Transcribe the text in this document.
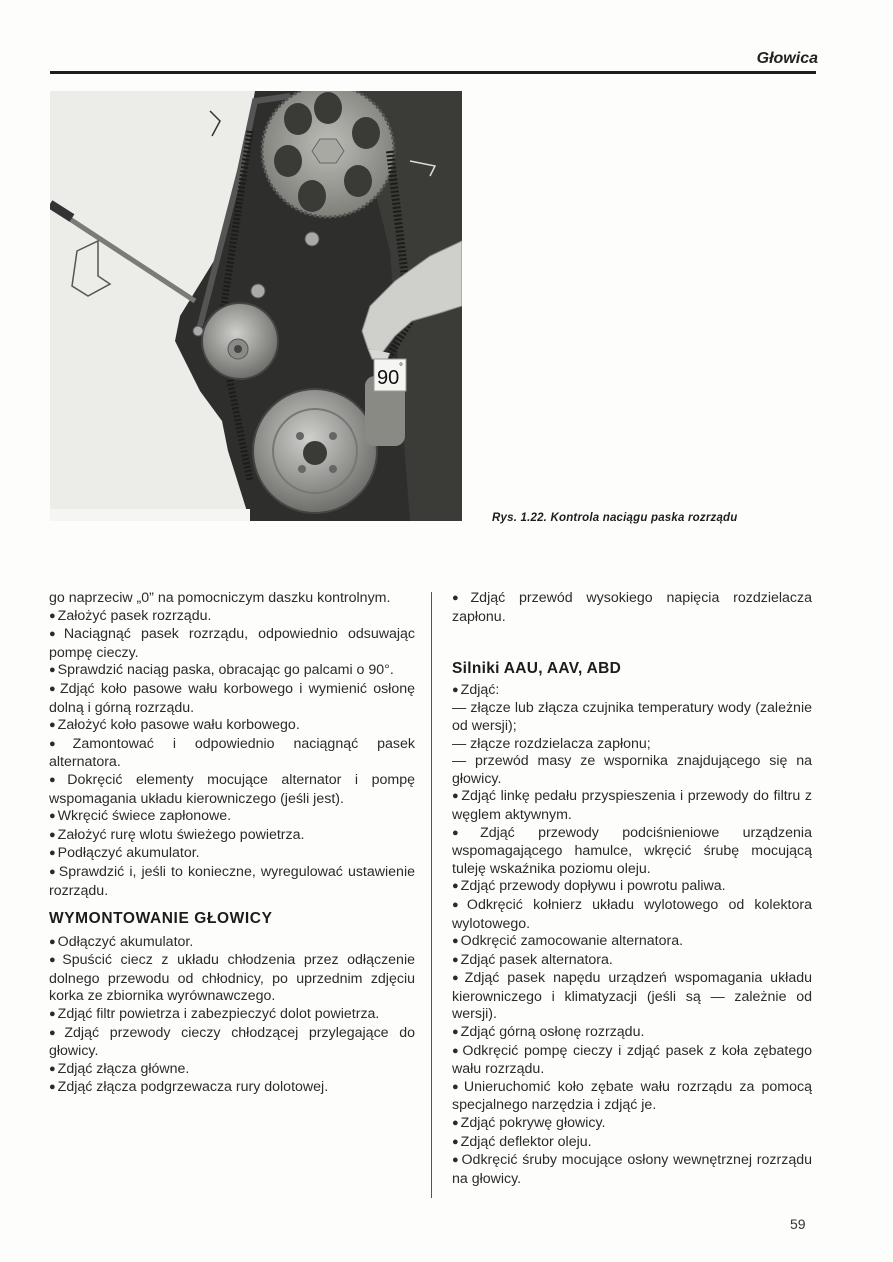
Głowica
90 °
Rys. 1.22. Kontrola naciągu paska rozrządu

go naprzeciw „0” na pomocniczym daszku kontrolnym.

● Założyć pasek rozrządu.

● Naciągnąć pasek rozrządu, odpowiednio odsuwając pompę cieczy.

● Sprawdzić naciąg paska, obracając go palcami o 90°.

● Zdjąć koło pasowe wału korbowego i wymienić osłonę dolną i górną rozrządu.

● Założyć koło pasowe wału korbowego.

● Zamontować i odpowiednio naciągnąć pasek alternatora.

● Dokręcić elementy mocujące alternator i pompę wspomagania układu kierowniczego (jeśli jest).

● Wkręcić świece zapłonowe.

● Założyć rurę wlotu świeżego powietrza.

● Podłączyć akumulator.

● Sprawdzić i, jeśli to konieczne, wyregulować ustawienie rozrządu.

WYMONTOWANIE GŁOWICY

● Odłączyć akumulator.

● Spuścić ciecz z układu chłodzenia przez odłączenie dolnego przewodu od chłodnicy, po uprzednim zdjęciu korka ze zbiornika wyrównawczego.

● Zdjąć filtr powietrza i zabezpieczyć dolot powietrza.

● Zdjąć przewody cieczy chłodzącej przylegające do głowicy.

● Zdjąć złącza główne.

● Zdjąć złącza podgrzewacza rury dolotowej.

● Zdjąć przewód wysokiego napięcia rozdzielacza zapłonu.

Silniki AAU, AAV, ABD

● Zdjąć:

— złącze lub złącza czujnika temperatury wody (zależnie od wersji);

— złącze rozdzielacza zapłonu;

— przewód masy ze wspornika znajdującego się na głowicy.

● Zdjąć linkę pedału przyspieszenia i przewody do filtru z węglem aktywnym.

● Zdjąć przewody podciśnieniowe urządzenia wspomagającego hamulce, wkręcić śrubę mocującą tuleję wskaźnika poziomu oleju.

● Zdjąć przewody dopływu i powrotu paliwa.

● Odkręcić kołnierz układu wylotowego od kolektora wylotowego.

● Odkręcić zamocowanie alternatora.

● Zdjąć pasek alternatora.

● Zdjąć pasek napędu urządzeń wspomagania układu kierowniczego i klimatyzacji (jeśli są — zależnie od wersji).

● Zdjąć górną osłonę rozrządu.

● Odkręcić pompę cieczy i zdjąć pasek z koła zębatego wału rozrządu.

● Unieruchomić koło zębate wału rozrządu za pomocą specjalnego narzędzia i zdjąć je.

● Zdjąć pokrywę głowicy.

● Zdjąć deflektor oleju.

● Odkręcić śruby mocujące osłony wewnętrznej rozrządu na głowicy.

59
